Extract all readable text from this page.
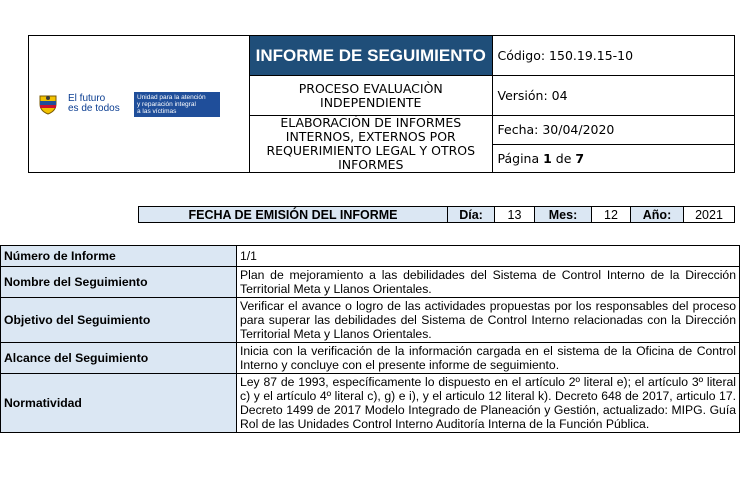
El futuro
es de todos
Unidad para la atención
y reparación integral
a las víctimas	INFORME DE SEGUIMIENTO	Código: 150.19.15-10
	PROCESO EVALUACIÒN INDEPENDIENTE	Versión: 04
	ELABORACIÓN DE INFORMES INTERNOS, EXTERNOS POR REQUERIMIENTO LEGAL Y OTROS INFORMES	Fecha: 30/04/2020
		Página 1 de 7
FECHA DE EMISIÓN DEL INFORME	Día:	13	Mes:	12	Año:	2021
Número de Informe	1/1
Nombre del Seguimiento	Plan de mejoramiento a las debilidades del Sistema de Control Interno de la Dirección Territorial Meta y Llanos Orientales.
Objetivo del Seguimiento	Verificar el avance o logro de las actividades propuestas por los responsables del proceso para superar las debilidades del Sistema de Control Interno relacionadas con la Dirección Territorial Meta y Llanos Orientales.
Alcance del Seguimiento	Inicia con la verificación de la información cargada en el sistema de la Oficina de Control Interno y concluye con el presente informe de seguimiento.
Normatividad	Ley 87 de 1993, específicamente lo dispuesto en el artículo 2º literal e); el artículo 3º literal c) y el artículo 4º literal c), g) e i), y el articulo 12 literal k). Decreto 648 de 2017, articulo 17. Decreto 1499 de 2017 Modelo Integrado de Planeación y Gestión, actualizado: MIPG. Guía Rol de las Unidades Control Interno Auditoría Interna de la Función Pública.
